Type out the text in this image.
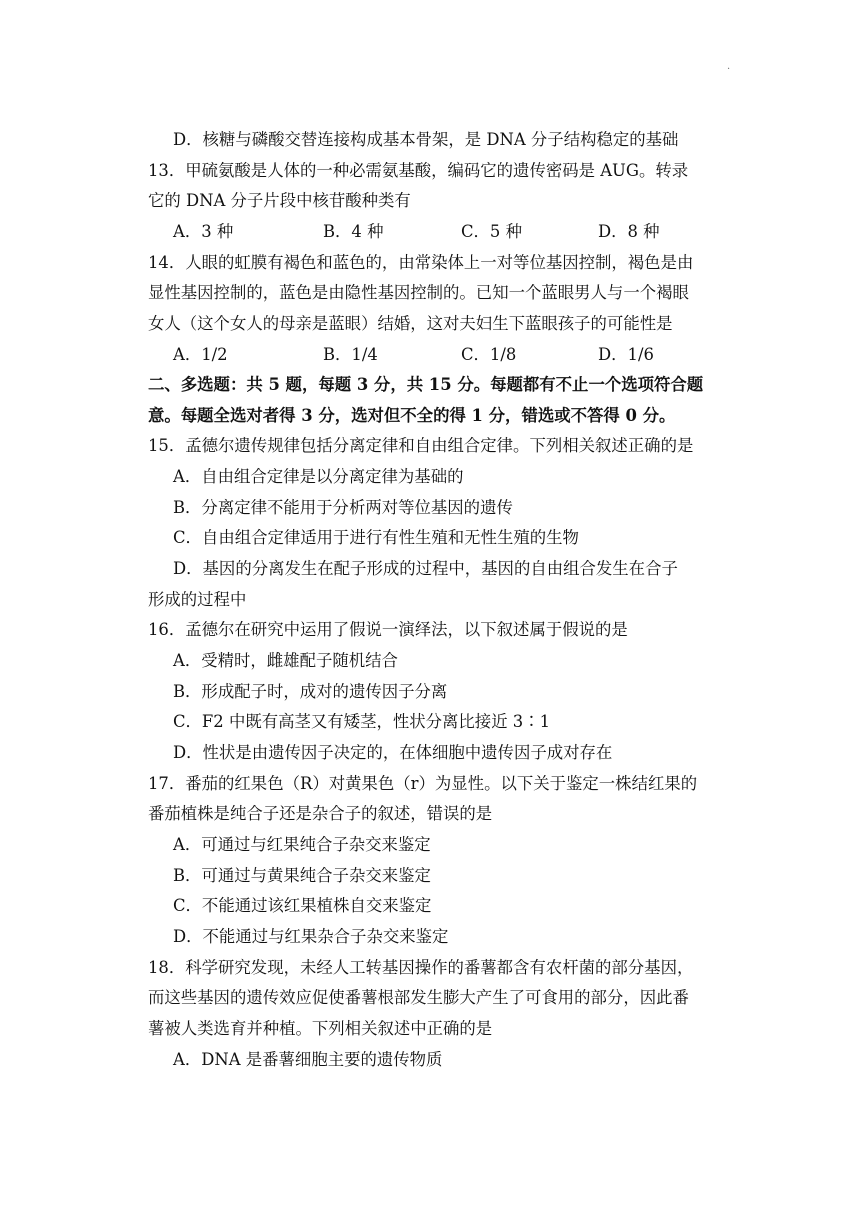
·
D．核糖与磷酸交替连接构成基本骨架，是 DNA 分子结构稳定的基础
13．甲硫氨酸是人体的一种必需氨基酸，编码它的遗传密码是 AUG。转录
它的 DNA 分子片段中核苷酸种类有
A．3 种	B．4 种	C．5 种	D．8 种
14．人眼的虹膜有褐色和蓝色的，由常染体上一对等位基因控制，褐色是由
显性基因控制的，蓝色是由隐性基因控制的。已知一个蓝眼男人与一个褐眼
女人（这个女人的母亲是蓝眼）结婚，这对夫妇生下蓝眼孩子的可能性是
A．1/2	B．1/4	C．1/8	D．1/6
二、多选题：共 5 题，每题 3 分，共 15 分。每题都有不止一个选项符合题
意。每题全选对者得 3 分，选对但不全的得 1 分，错选或不答得 0 分。
15．孟德尔遗传规律包括分离定律和自由组合定律。下列相关叙述正确的是
A．自由组合定律是以分离定律为基础的
B．分离定律不能用于分析两对等位基因的遗传
C．自由组合定律适用于进行有性生殖和无性生殖的生物
D．基因的分离发生在配子形成的过程中，基因的自由组合发生在合子
形成的过程中
16．孟德尔在研究中运用了假说一演绎法，以下叙述属于假说的是
A．受精时，雌雄配子随机结合
B．形成配子时，成对的遗传因子分离
C．F2 中既有高茎又有矮茎，性状分离比接近 3∶1
D．性状是由遗传因子决定的，在体细胞中遗传因子成对存在
17．番茄的红果色（R）对黄果色（r）为显性。以下关于鉴定一株结红果的
番茄植株是纯合子还是杂合子的叙述，错误的是
A．可通过与红果纯合子杂交来鉴定
B．可通过与黄果纯合子杂交来鉴定
C．不能通过该红果植株自交来鉴定
D．不能通过与红果杂合子杂交来鉴定
18．科学研究发现，未经人工转基因操作的番薯都含有农杆菌的部分基因，
而这些基因的遗传效应促使番薯根部发生膨大产生了可食用的部分，因此番
薯被人类选育并种植。下列相关叙述中正确的是
A．DNA 是番薯细胞主要的遗传物质
